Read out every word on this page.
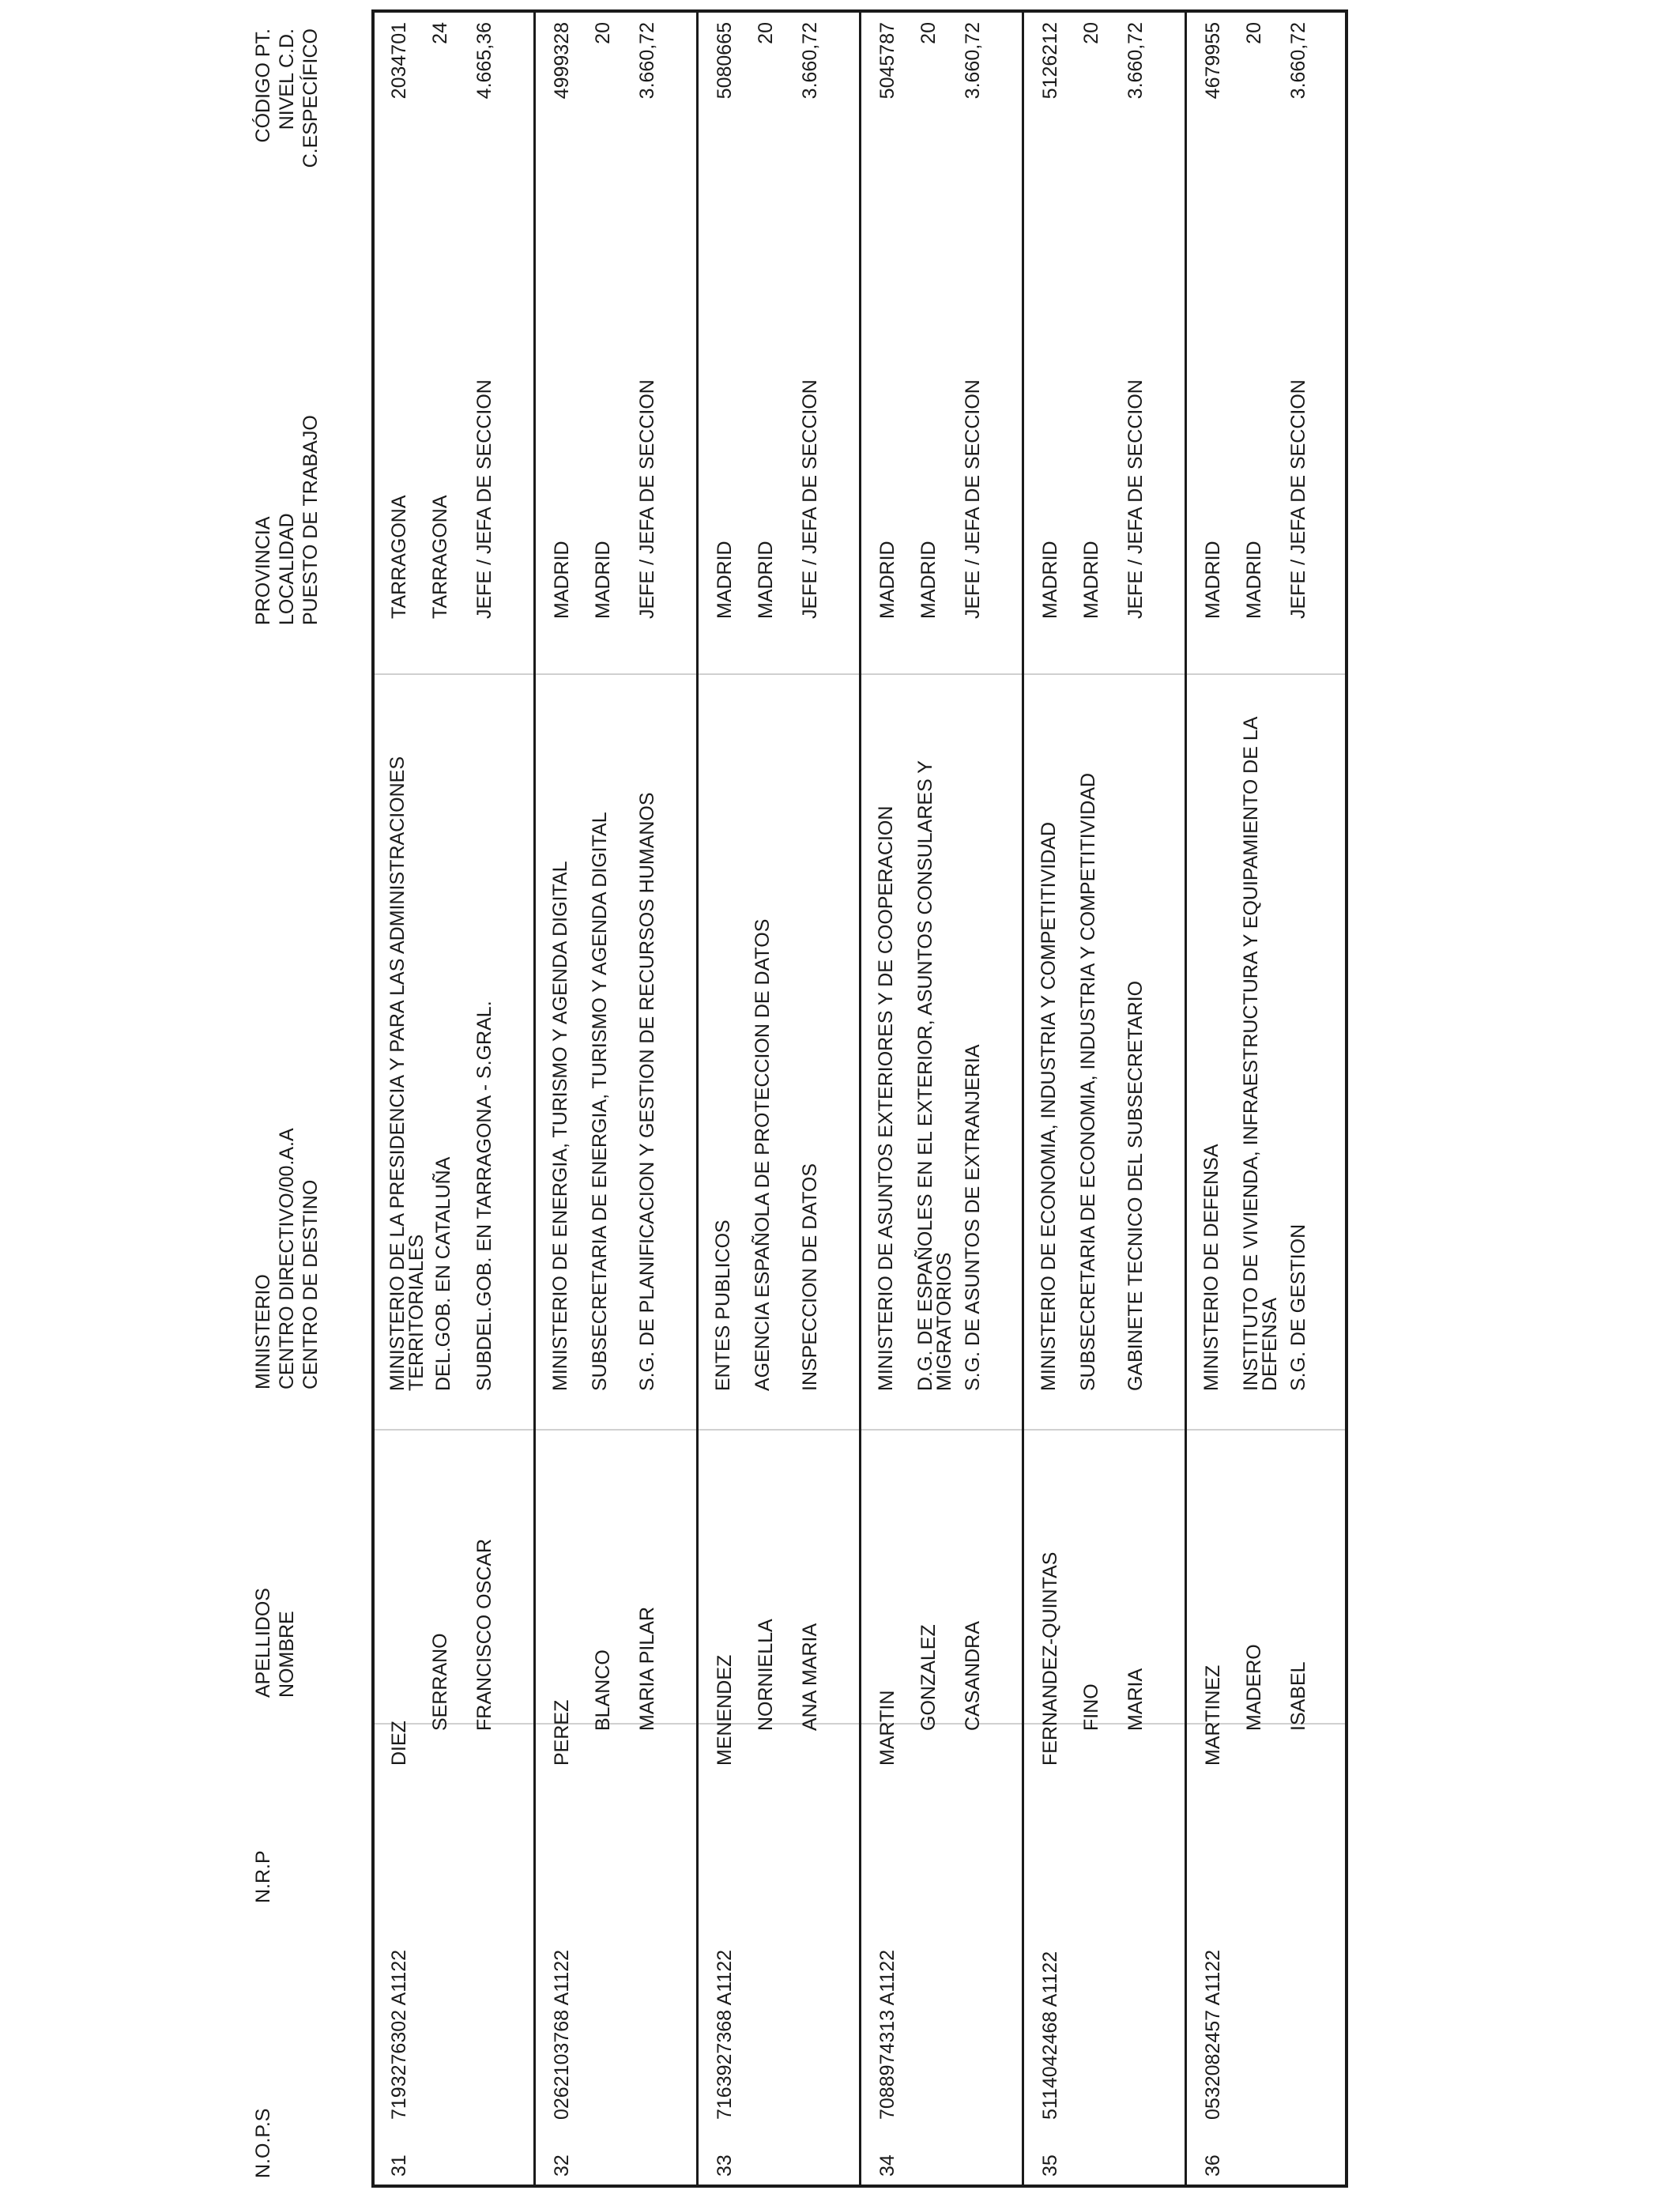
N.O.P.S
N.R.P
APELLIDOS NOMBRE
MINISTERIO CENTRO DIRECTIVO/00.A.A CENTRO DE DESTINO
PROVINCIA LOCALIDAD PUESTO DE TRABAJO
CÓDIGO PT. NIVEL C.D. C.ESPECÍFICO
31
7193276302 A1122
DIEZ
SERRANO FRANCISCO OSCAR
MINISTERIO DE LA PRESIDENCIA Y PARA LAS ADMINISTRACIONES
TERRITORIALES DEL.GOB. EN CATALUÑA SUBDEL.GOB. EN TARRAGONA - S.GRAL.
TARRAGONA TARRAGONA JEFE / JEFA DE SECCION
2034701 24 4.665,36
32
0262103768 A1122
PEREZ
BLANCO MARIA PILAR
MINISTERIO DE ENERGIA, TURISMO Y AGENDA DIGITAL SUBSECRETARIA DE ENERGIA, TURISMO Y AGENDA DIGITAL S.G. DE PLANIFICACION Y GESTION DE RECURSOS HUMANOS
MADRID MADRID JEFE / JEFA DE SECCION
4999328 20 3.660,72
33
7163927368 A1122
MENENDEZ NORNIELLA ANA MARIA
ENTES PUBLICOS AGENCIA ESPAÑOLA DE PROTECCION DE DATOS INSPECCION DE DATOS
MADRID MADRID JEFE / JEFA DE SECCION
5080665 20 3.660,72
34
7088974313 A1122
MARTIN GONZALEZ CASANDRA
MINISTERIO DE ASUNTOS EXTERIORES Y DE COOPERACION D.G. DE ESPAÑOLES EN EL EXTERIOR, ASUNTOS CONSULARES Y
MIGRATORIOS S.G. DE ASUNTOS DE EXTRANJERIA
MADRID MADRID JEFE / JEFA DE SECCION
5045787 20 3.660,72
35
5114042468 A1122
FERNANDEZ-QUINTAS FINO MARIA
MINISTERIO DE ECONOMIA, INDUSTRIA Y COMPETITIVIDAD SUBSECRETARIA DE ECONOMIA, INDUSTRIA Y COMPETITIVIDAD GABINETE TECNICO DEL SUBSECRETARIO
MADRID MADRID JEFE / JEFA DE SECCION
5126212 20 3.660,72
36
0532082457 A1122
MARTINEZ MADERO ISABEL
MINISTERIO DE DEFENSA INSTITUTO DE VIVIENDA, INFRAESTRUCTURA Y EQUIPAMIENTO DE LA
DEFENSA S.G. DE GESTION
MADRID MADRID JEFE / JEFA DE SECCION
4679955 20 3.660,72
